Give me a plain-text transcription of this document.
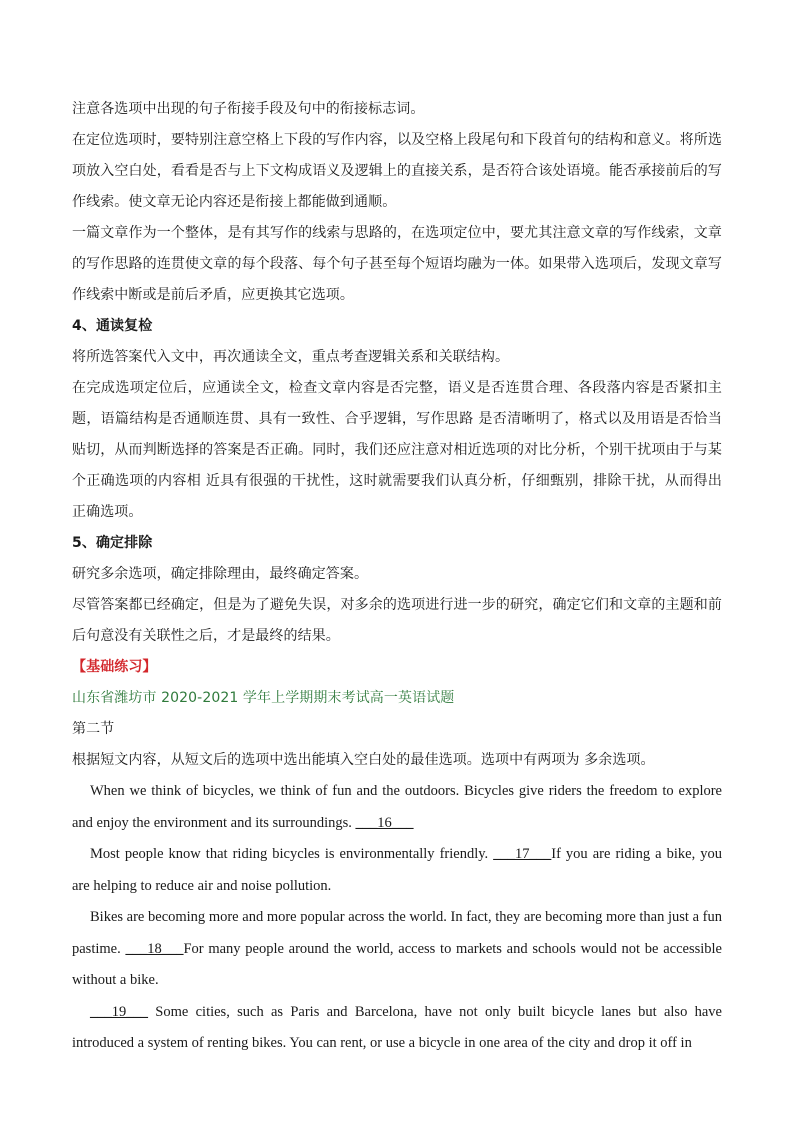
注意各选项中出现的句子衔接手段及句中的衔接标志词。

在定位选项时，要特别注意空格上下段的写作内容，以及空格上段尾句和下段首句的结构和意义。将所选项放入空白处，看看是否与上下文构成语义及逻辑上的直接关系，是否符合该处语境。能否承接前后的写作线索。使文章无论内容还是衔接上都能做到通顺。

一篇文章作为一个整体，是有其写作的线索与思路的，在选项定位中，要尤其注意文章的写作线索，文章的写作思路的连贯使文章的每个段落、每个句子甚至每个短语均融为一体。如果带入选项后，发现文章写作线索中断或是前后矛盾，应更换其它选项。

4、通读复检

将所选答案代入文中，再次通读全文，重点考查逻辑关系和关联结构。

在完成选项定位后，应通读全文，检查文章内容是否完整，语义是否连贯合理、各段落内容是否紧扣主题，语篇结构是否通顺连贯、具有一致性、合乎逻辑，写作思路 是否清晰明了，格式以及用语是否恰当贴切，从而判断选择的答案是否正确。同时，我们还应注意对相近选项的对比分析，个别干扰项由于与某个正确选项的内容相 近具有很强的干扰性，这时就需要我们认真分析，仔细甄别，排除干扰，从而得出正确选项。

5、确定排除

研究多余选项，确定排除理由，最终确定答案。

尽管答案都已经确定，但是为了避免失误，对多余的选项进行进一步的研究，确定它们和文章的主题和前后句意没有关联性之后，才是最终的结果。

【基础练习】

山东省潍坊市 2020-2021 学年上学期期末考试高一英语试题

第二节

根据短文内容，从短文后的选项中选出能填入空白处的最佳选项。选项中有两项为 多余选项。

When we think of bicycles, we think of fun and the outdoors. Bicycles give riders the freedom to explore and enjoy the environment and its surroundings. ___16___

Most people know that riding bicycles is environmentally friendly. ___17___If you are riding a bike, you are helping to reduce air and noise pollution.

Bikes are becoming more and more popular across the world. In fact, they are becoming more than just a fun pastime. ___18___For many people around the world, access to markets and schools would not be accessible without a bike.

___19___ Some cities, such as Paris and Barcelona, have not only built bicycle lanes but also have introduced a system of renting bikes. You can rent, or use a bicycle in one area of the city and drop it off in
